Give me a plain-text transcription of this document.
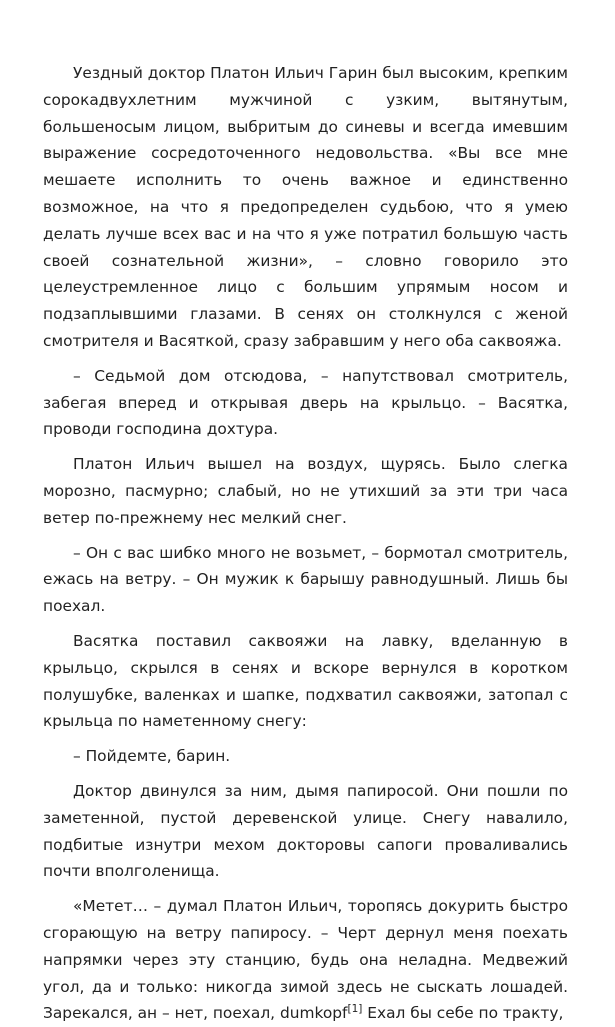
Уездный доктор Платон Ильич Гарин был высоким, крепким сорокадвухлетним мужчиной с узким, вытянутым, большеносым лицом, выбритым до синевы и всегда имевшим выражение сосредоточенного недовольства. «Вы все мне мешаете исполнить то очень важное и единственно возможное, на что я предопределен судьбою, что я умею делать лучше всех вас и на что я уже потратил большую часть своей сознательной жизни», – словно говорило это целеустремленное лицо с большим упрямым носом и подзаплывшими глазами. В сенях он столкнулся с женой смотрителя и Васяткой, сразу забравшим у него оба саквояжа.

– Седьмой дом отсюдова, – напутствовал смотритель, забегая вперед и открывая дверь на крыльцо. – Васятка, проводи господина дохтура.

Платон Ильич вышел на воздух, щурясь. Было слегка морозно, пасмурно; слабый, но не утихший за эти три часа ветер по-прежнему нес мелкий снег.

– Он с вас шибко много не возьмет, – бормотал смотритель, ежась на ветру. – Он мужик к барышу равнодушный. Лишь бы поехал.

Васятка поставил саквояжи на лавку, вделанную в крыльцо, скрылся в сенях и вскоре вернулся в коротком полушубке, валенках и шапке, подхватил саквояжи, затопал с крыльца по наметенному снегу:

– Пойдемте, барин.

Доктор двинулся за ним, дымя папиросой. Они пошли по заметенной, пустой деревенской улице. Снегу навалило, подбитые изнутри мехом докторовы сапоги проваливались почти вполголенища.

«Метет… – думал Платон Ильич, торопясь докурить быстро сгорающую на ветру папиросу. – Черт дернул меня поехать напрямки через эту станцию, будь она неладна. Медвежий угол, да и только: никогда зимой здесь не сыскать лошадей. Зарекался, ан – нет, поехал, dumkopf[1] Ехал бы себе по тракту,
